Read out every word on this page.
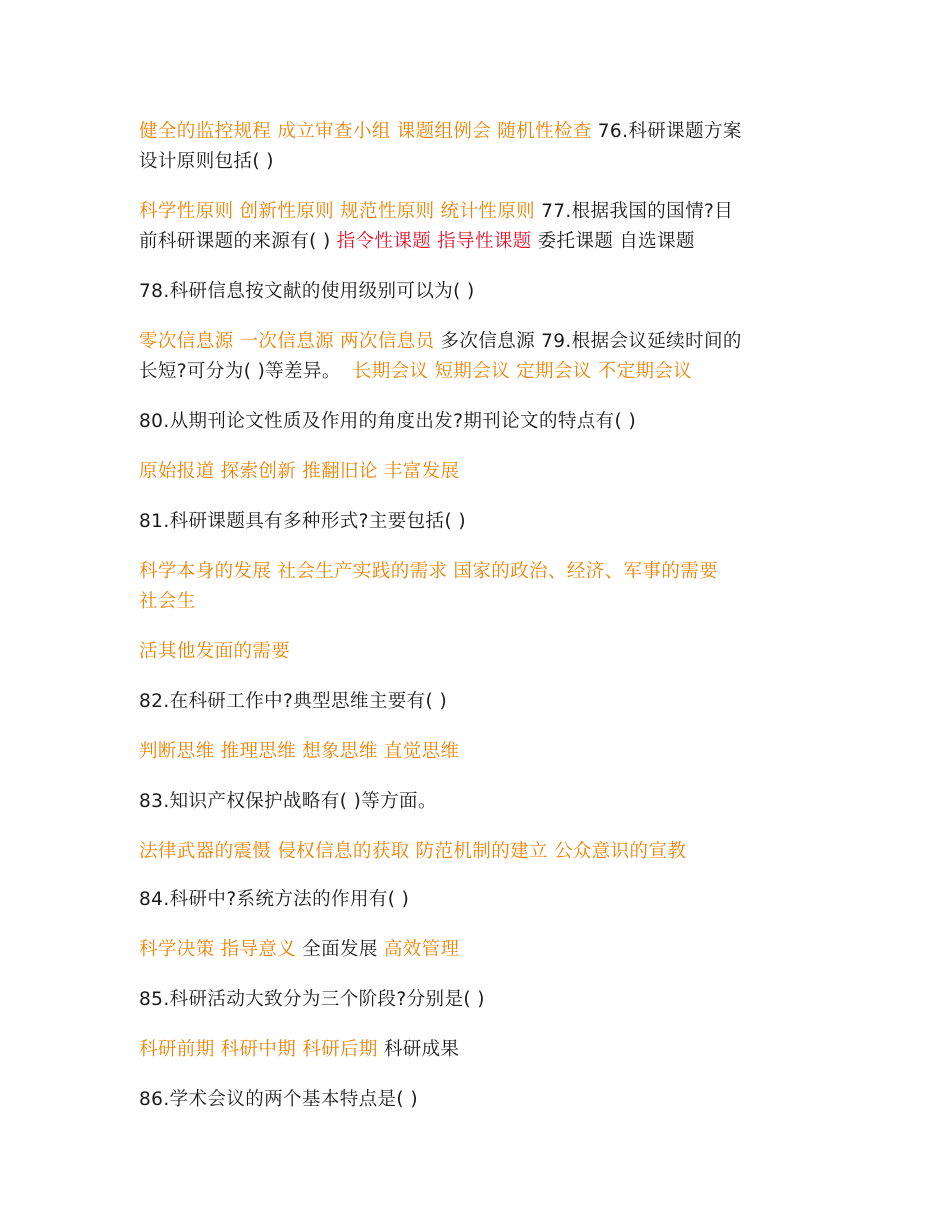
健全的监控规程 成立审查小组 课题组例会 随机性检查 76.科研课题方案
设计原则包括( )
科学性原则 创新性原则 规范性原则 统计性原则 77.根据我国的国情?目
前科研课题的来源有( ) 指令性课题 指导性课题 委托课题 自选课题
78.科研信息按文献的使用级别可以为( )
零次信息源 一次信息源 两次信息员 多次信息源 79.根据会议延续时间的
长短?可分为( )等差异。 长期会议 短期会议 定期会议 不定期会议
80.从期刊论文性质及作用的角度出发?期刊论文的特点有( )
原始报道 探索创新 推翻旧论 丰富发展
81.科研课题具有多种形式?主要包括( )
科学本身的发展 社会生产实践的需求 国家的政治、经济、军事的需要
社会生
活其他发面的需要
82.在科研工作中?典型思维主要有( )
判断思维 推理思维 想象思维 直觉思维
83.知识产权保护战略有( )等方面。
法律武器的震慑 侵权信息的获取 防范机制的建立 公众意识的宣教
84.科研中?系统方法的作用有( )
科学决策 指导意义 全面发展 高效管理
85.科研活动大致分为三个阶段?分别是( )
科研前期 科研中期 科研后期 科研成果
86.学术会议的两个基本特点是( )
